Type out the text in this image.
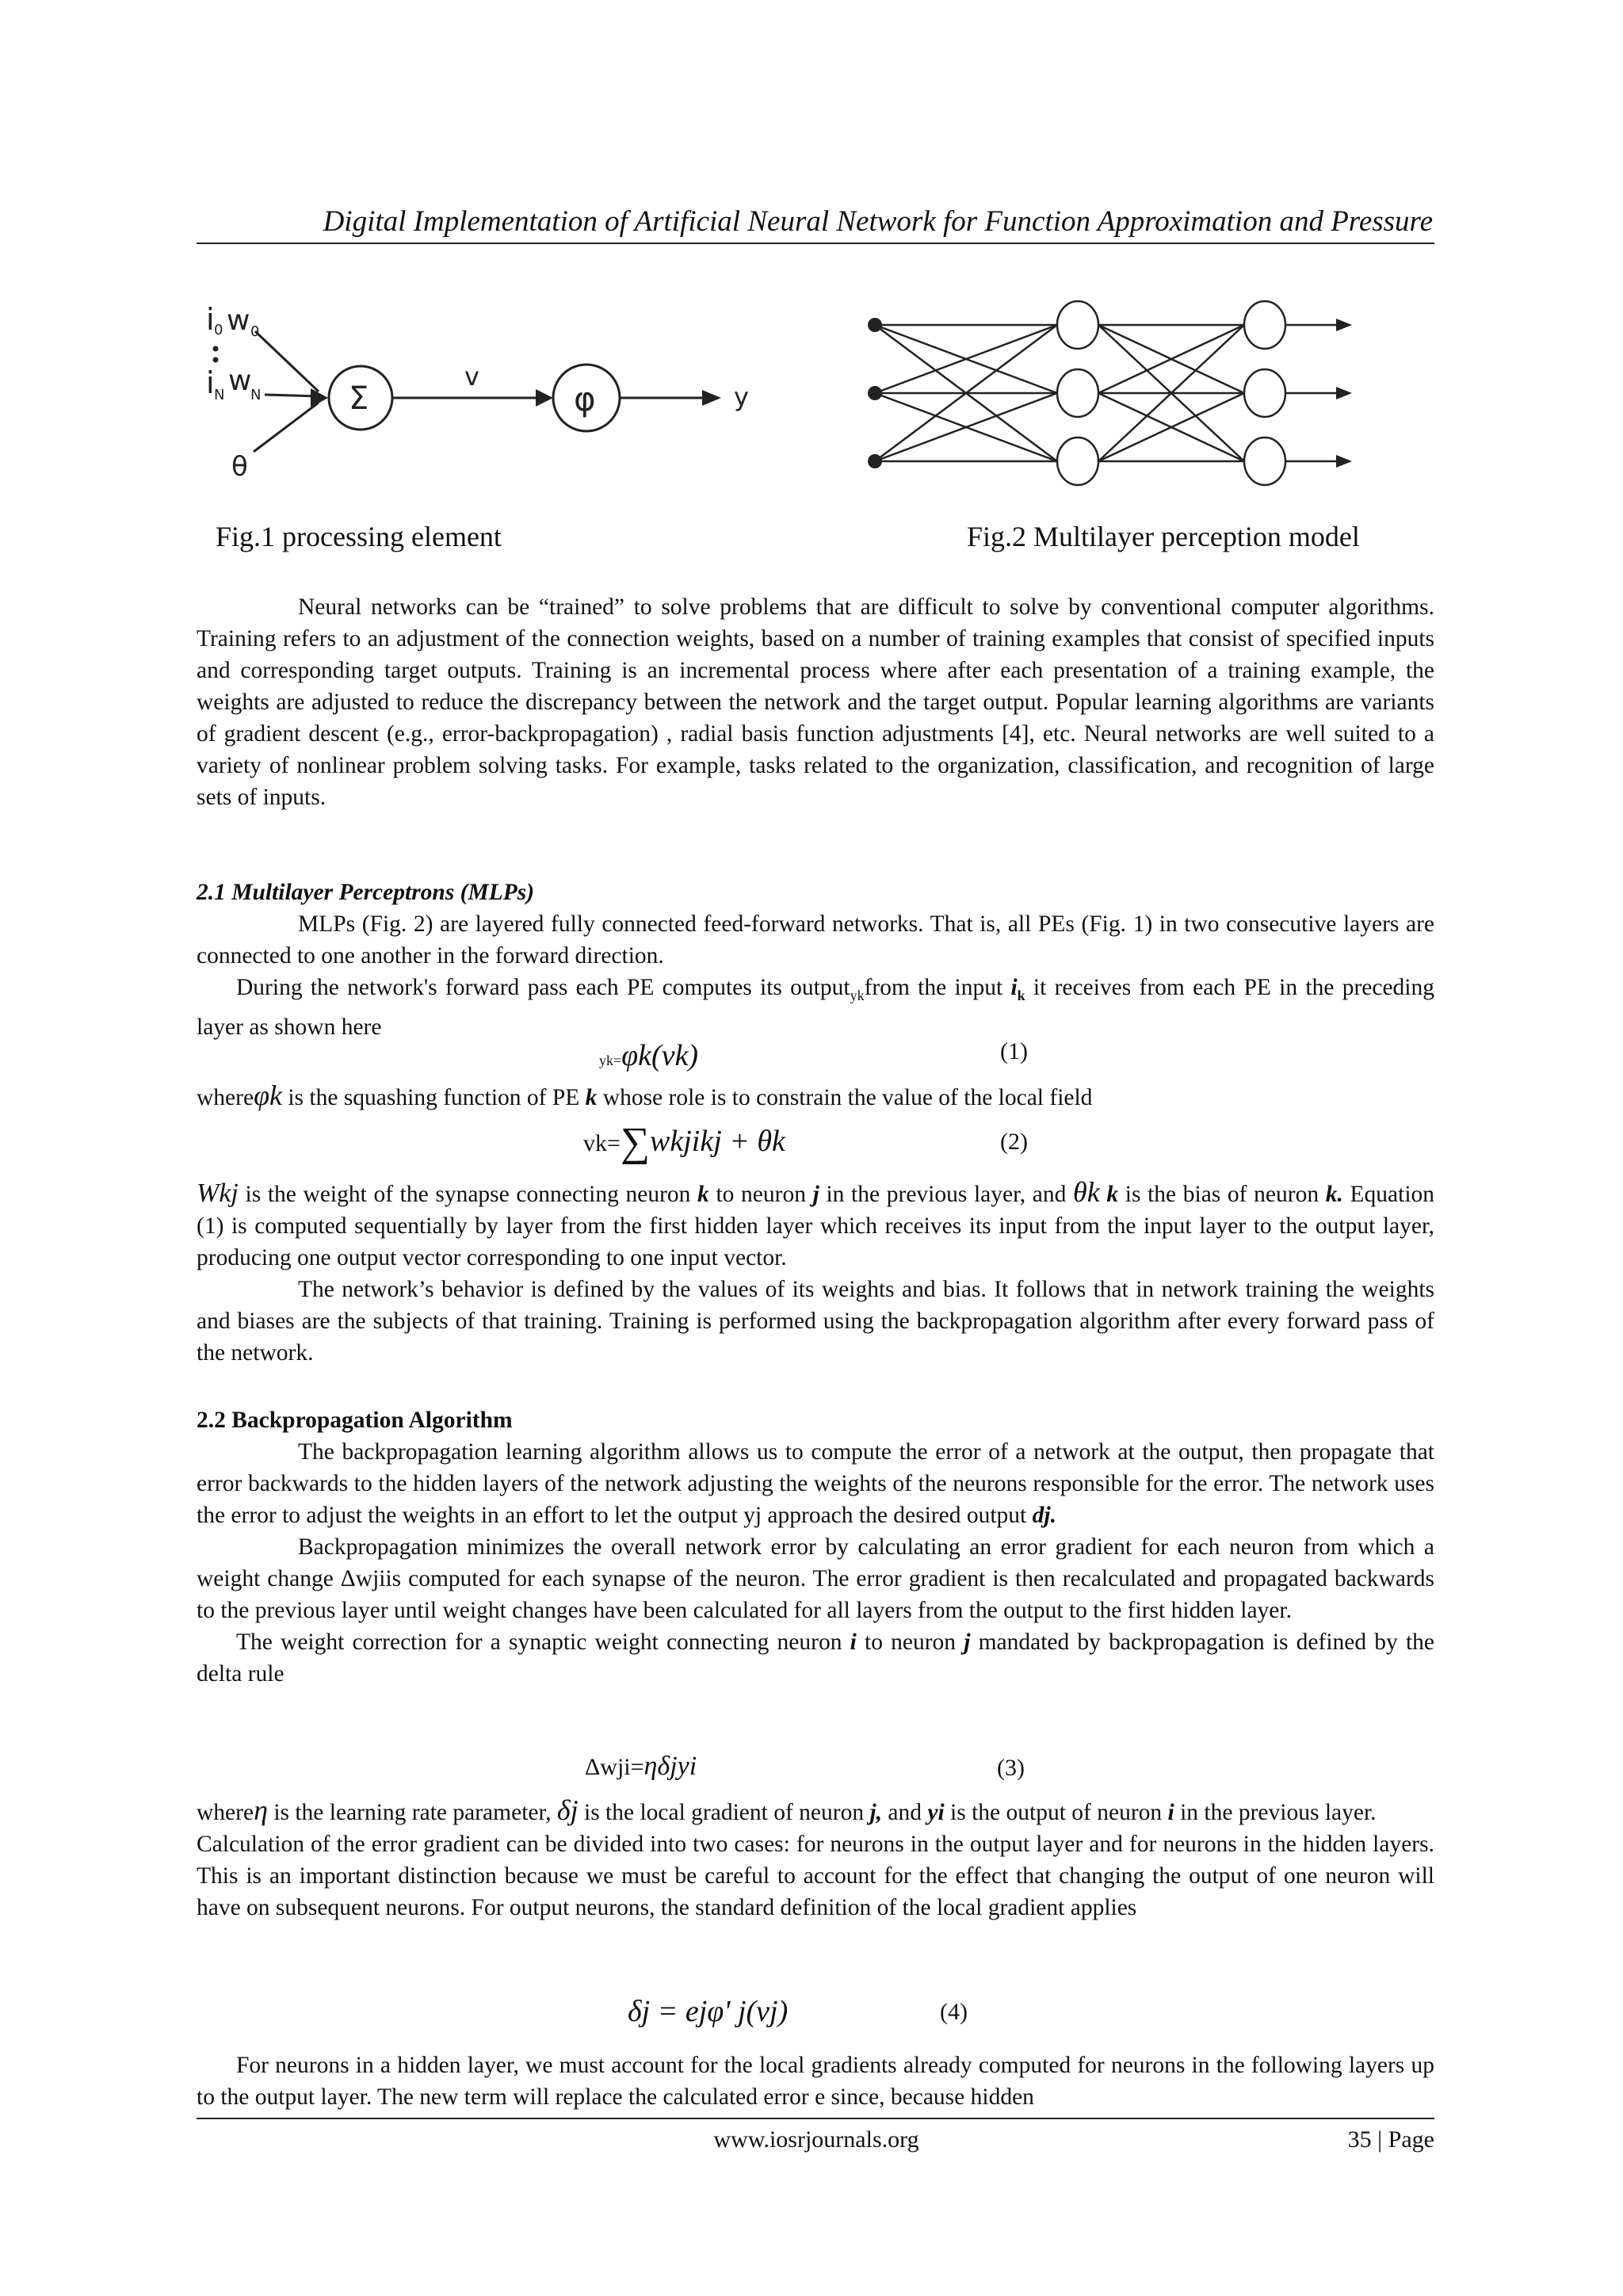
Digital Implementation of Artificial Neural Network for Function Approximation and Pressure
i 0 w 0
i N w
N
θ
Σ
v
φ	y
Fig.1 processing element	Fig.2 Multilayer perception model

Neural networks can be “trained” to solve problems that are difficult to solve by conventional computer algorithms. Training refers to an adjustment of the connection weights, based on a number of training examples that consist of specified inputs and corresponding target outputs. Training is an incremental process where after each presentation of a training example, the weights are adjusted to reduce the discrepancy between the network and the target output. Popular learning algorithms are variants of gradient descent (e.g., error-backpropagation) , radial basis function adjustments [4], etc. Neural networks are well suited to a variety of nonlinear problem solving tasks. For example, tasks related to the organization, classification, and recognition of large sets of inputs.

2.1 Multilayer Perceptrons (MLPs)

MLPs (Fig. 2) are layered fully connected feed-forward networks. That is, all PEs (Fig. 1) in two consecutive layers are connected to one another in the forward direction.

During the network's forward pass each PE computes its output$_{yk}$from the input $i_k$ it receives from each PE in the preceding layer as shown here

yk=φk(vk)	(1)

whereφk is the squashing function of PE k whose role is to constrain the value of the local field

vk=∑wkjikj + θk	(2)

Wkj is the weight of the synapse connecting neuron k to neuron j in the previous layer, and θk k is the bias of neuron k. Equation (1) is computed sequentially by layer from the first hidden layer which receives its input from the input layer to the output layer, producing one output vector corresponding to one input vector.

The network’s behavior is defined by the values of its weights and bias. It follows that in network training the weights and biases are the subjects of that training. Training is performed using the backpropagation algorithm after every forward pass of the network.

2.2 Backpropagation Algorithm

The backpropagation learning algorithm allows us to compute the error of a network at the output, then propagate that error backwards to the hidden layers of the network adjusting the weights of the neurons responsible for the error. The network uses the error to adjust the weights in an effort to let the output yj approach the desired output dj.

Backpropagation minimizes the overall network error by calculating an error gradient for each neuron from which a weight change Δwjiis computed for each synapse of the neuron. The error gradient is then recalculated and propagated backwards to the previous layer until weight changes have been calculated for all layers from the output to the first hidden layer.

The weight correction for a synaptic weight connecting neuron i to neuron j mandated by backpropagation is defined by the delta rule

Δwji=ηδjyi	(3)

whereη is the learning rate parameter, δj is the local gradient of neuron j, and yi is the output of neuron i in the previous layer.

Calculation of the error gradient can be divided into two cases: for neurons in the output layer and for neurons in the hidden layers. This is an important distinction because we must be careful to account for the effect that changing the output of one neuron will have on subsequent neurons. For output neurons, the standard definition of the local gradient applies

δj = ejφ' j(vj)	(4)

For neurons in a hidden layer, we must account for the local gradients already computed for neurons in the following layers up to the output layer. The new term will replace the calculated error e since, because hidden

www.iosrjournals.org	35 | Page
